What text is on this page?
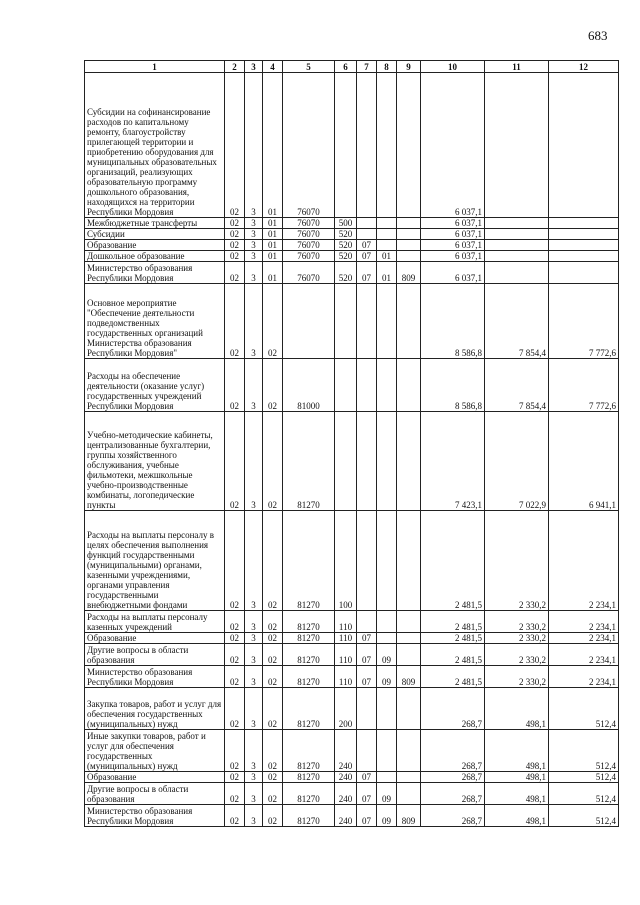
683
1	2	3	4	5	6	7	8	9	10	11	12
Субсидии на софинансирование расходов по капитальному ремонту, благоустройству прилегающей территории и приобретению оборудования для муниципальных образовательных организаций, реализующих образовательную программу дошкольного образования, находящихся на территории Республики Мордовия	02	3	01	76070					6 037,1		
Межбюджетные трансферты	02	3	01	76070	500				6 037,1		
Субсидии	02	3	01	76070	520				6 037,1		
Образование	02	3	01	76070	520	07			6 037,1		
Дошкольное образование	02	3	01	76070	520	07	01		6 037,1		
Министерство образования Республики Мордовия	02	3	01	76070	520	07	01	809	6 037,1		
Основное мероприятие "Обеспечение деятельности подведомственных государственных организаций Министерства образования Республики Мордовия"	02	3	02						8 586,8	7 854,4	7 772,6
Расходы на обеспечение деятельности (оказание услуг) государственных учреждений Республики Мордовия	02	3	02	81000					8 586,8	7 854,4	7 772,6
Учебно-методические кабинеты, централизованные бухгалтерии, группы хозяйственного обслуживания, учебные фильмотеки, межшкольные учебно-производственные комбинаты, логопедические пункты	02	3	02	81270					7 423,1	7 022,9	6 941,1
Расходы на выплаты персоналу в целях обеспечения выполнения функций государственными (муниципальными) органами, казенными учреждениями, органами управления государственными внебюджетными фондами	02	3	02	81270	100				2 481,5	2 330,2	2 234,1
Расходы на выплаты персоналу казенных учреждений	02	3	02	81270	110				2 481,5	2 330,2	2 234,1
Образование	02	3	02	81270	110	07			2 481,5	2 330,2	2 234,1
Другие вопросы в области образования	02	3	02	81270	110	07	09		2 481,5	2 330,2	2 234,1
Министерство образования Республики Мордовия	02	3	02	81270	110	07	09	809	2 481,5	2 330,2	2 234,1
Закупка товаров, работ и услуг для обеспечения государственных (муниципальных) нужд	02	3	02	81270	200				268,7	498,1	512,4
Иные закупки товаров, работ и услуг для обеспечения государственных (муниципальных) нужд	02	3	02	81270	240				268,7	498,1	512,4
Образование	02	3	02	81270	240	07			268,7	498,1	512,4
Другие вопросы в области образования	02	3	02	81270	240	07	09		268,7	498,1	512,4
Министерство образования Республики Мордовия	02	3	02	81270	240	07	09	809	268,7	498,1	512,4
